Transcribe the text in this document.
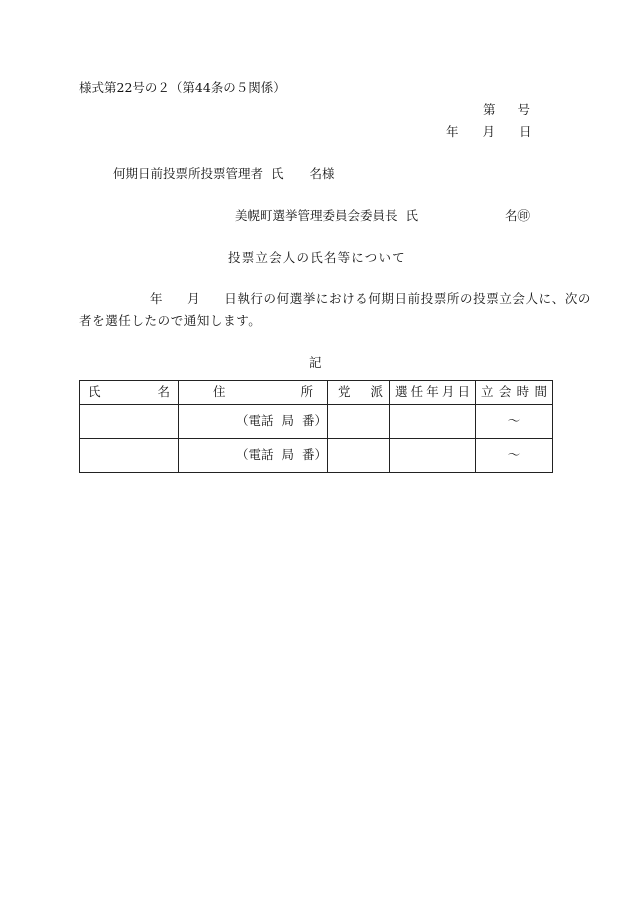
様式第22号の２（第44条の５関係）
第 号
年 月 日
何期日前投票所投票管理者 氏 名様
美幌町選挙管理委員会委員長 氏	名㊞
投票立会人の氏名等について
年 月 日執行の何選挙における何期日前投票所の投票立会人に、次の
者を選任したので通知します。
記
氏 名	住 所	党 派	選 任 年 月 日	立 会 時 間

	（電話 局 番）			～
	（電話 局 番）			～
